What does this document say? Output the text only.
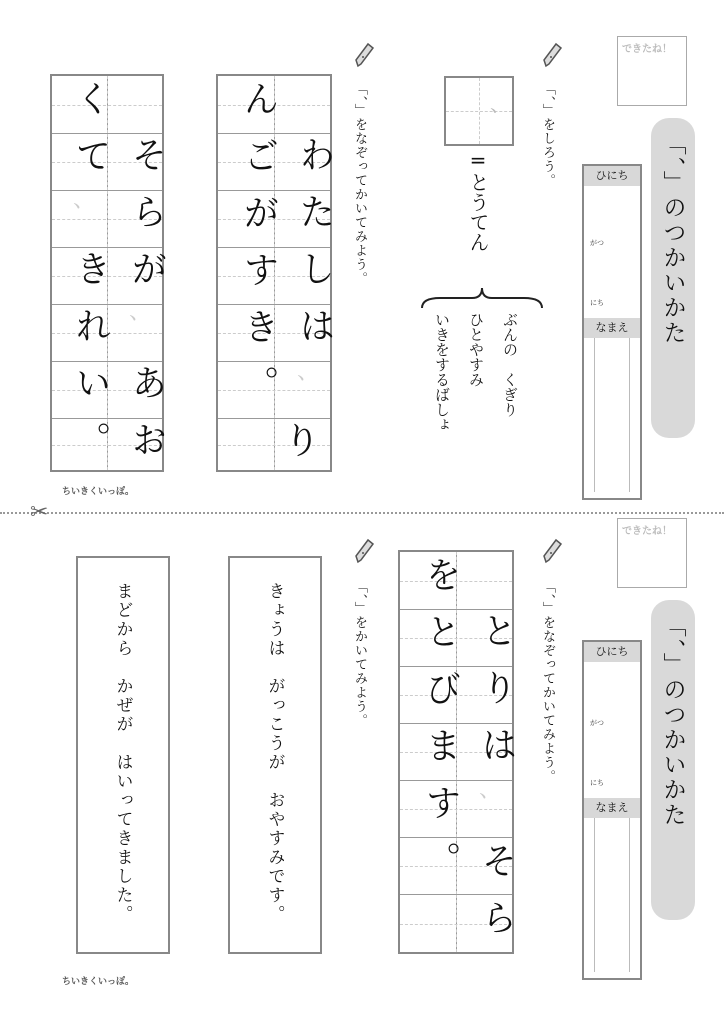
できたね！
「、」のつかいかた
ひにち
がつ
にち
なまえ
「、」をしろう。
、
=とうてん
ぶんの　くぎり
ひとやすみ
いきをするばしょ
「、」をなぞってかいてみよう。
わたしは
、
り
んごがすき。
そらが
、
あお
くて
、
きれい。
ちいきくいっぽ。
✂
できたね！
「、」のつかいかた
ひにち
がつ
にち
なまえ
「、」をなぞってかいてみよう。
とりは
、
そら
をとびます。
「、」をかいてみよう。
きょうは　がっこうが　おやすみです。
まどから　かぜが　はいってきました。
ちいきくいっぽ。
